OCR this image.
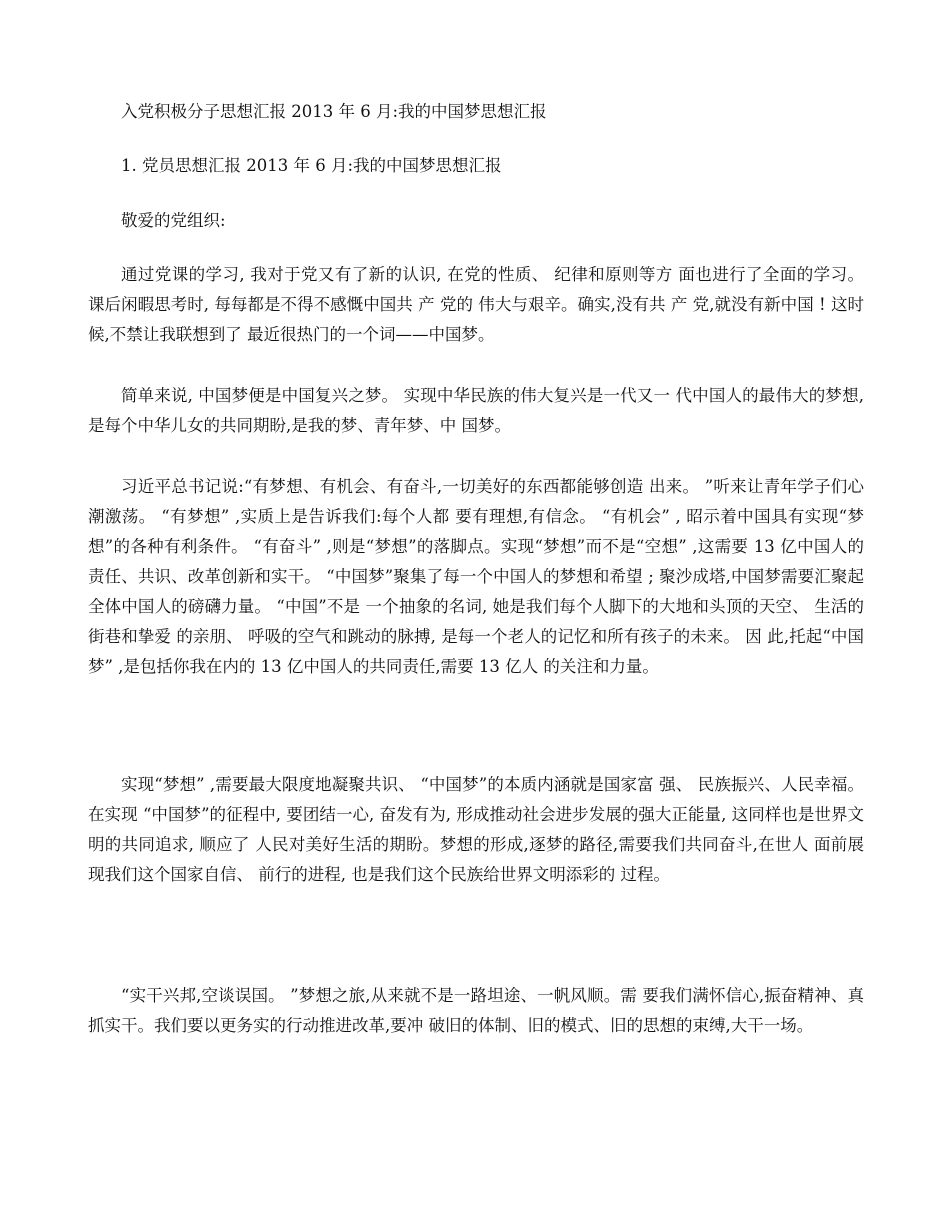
入党积极分子思想汇报 2013 年 6 月:我的中国梦思想汇报

1. 党员思想汇报 2013 年 6 月:我的中国梦思想汇报

敬爱的党组织:

通过党课的学习, 我对于党又有了新的认识, 在党的性质、 纪律和原则等方 面也进行了全面的学习。 课后闲暇思考时, 每每都是不得不感慨中国共 产 党的 伟大与艰辛。确实,没有共 产 党,就没有新中国 ! 这时候,不禁让我联想到了 最近很热门的一个词——中国梦。

简单来说, 中国梦便是中国复兴之梦。 实现中华民族的伟大复兴是一代又一 代中国人的最伟大的梦想,是每个中华儿女的共同期盼,是我的梦、青年梦、中 国梦。

习近平总书记说:“有梦想、有机会、有奋斗,一切美好的东西都能够创造 出来。 ”听来让青年学子们心潮激荡。 “有梦想” ,实质上是告诉我们:每个人都 要有理想,有信念。 “有机会” , 昭示着中国具有实现“梦想”的各种有利条件。 “有奋斗” ,则是“梦想”的落脚点。实现“梦想”而不是“空想” ,这需要 13 亿中国人的责任、共识、改革创新和实干。 “中国梦”聚集了每一个中国人的梦想和希望 ; 聚沙成塔,中国梦需要汇聚起全体中国人的磅礴力量。 “中国”不是 一个抽象的名词, 她是我们每个人脚下的大地和头顶的天空、 生活的街巷和挚爱 的亲朋、 呼吸的空气和跳动的脉搏, 是每一个老人的记忆和所有孩子的未来。 因 此,托起“中国梦” ,是包括你我在内的 13 亿中国人的共同责任,需要 13 亿人 的关注和力量。

实现“梦想” ,需要最大限度地凝聚共识、 “中国梦”的本质内涵就是国家富 强、 民族振兴、人民幸福。 在实现 “中国梦”的征程中, 要团结一心, 奋发有为, 形成推动社会进步发展的强大正能量, 这同样也是世界文明的共同追求, 顺应了 人民对美好生活的期盼。梦想的形成,逐梦的路径,需要我们共同奋斗,在世人 面前展现我们这个国家自信、 前行的进程, 也是我们这个民族给世界文明添彩的 过程。

“实干兴邦,空谈误国。 ”梦想之旅,从来就不是一路坦途、一帆风顺。需 要我们满怀信心,振奋精神、真抓实干。我们要以更务实的行动推进改革,要冲 破旧的体制、旧的模式、旧的思想的束缚,大干一场。
